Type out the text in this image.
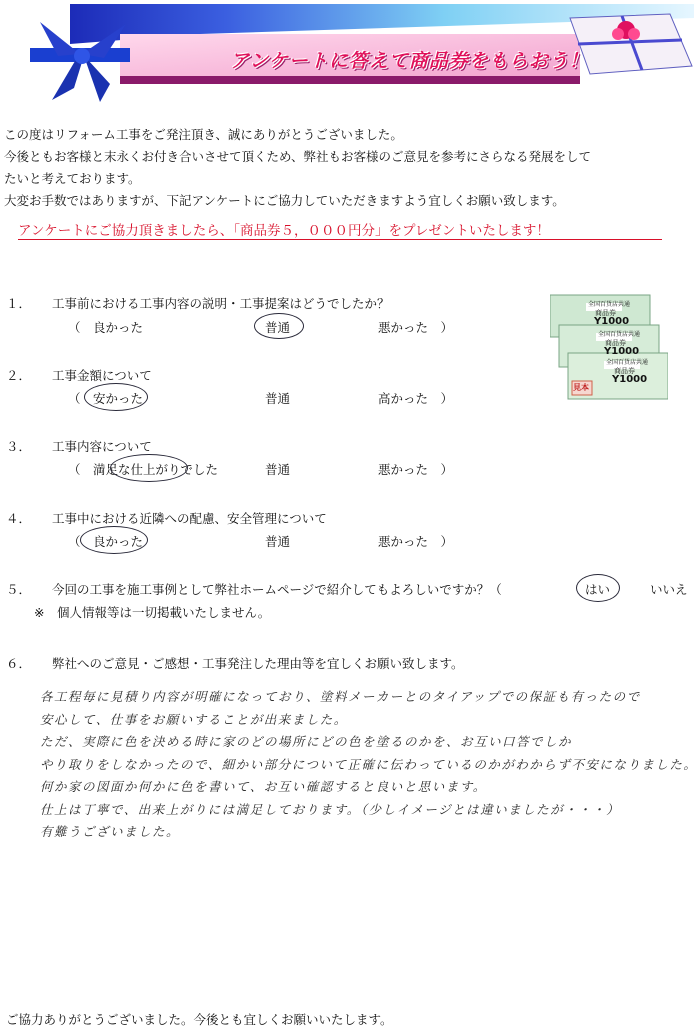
アンケートに答えて商品券をもらおう！

この度はリフォーム工事をご発注頂き、誠にありがとうございました。

今後ともお客様と末永くお付き合いさせて頂くため、弊社もお客様のご意見を参考にさらなる発展をして

たいと考えております。

大変お手数ではありますが、下記アンケートにご協力していただきますよう宜しくお願い致します。

アンケートにご協力頂きましたら、「商品券５，０００円分」をプレゼントいたします！
全国百貨店共通
商品券
Y1000
全国百貨店共通
商品券
Y1000
全国百貨店共通
商品券
Y1000
見本
１． 工事前における工事内容の説明・工事提案はどうでしたか？
（　良かった	普通	悪かった　）
２． 工事金額について
（　安かった	普通	高かった　）
３． 工事内容について
（　満足な仕上がりでした	普通	悪かった　）
４． 工事中における近隣への配慮、安全管理について
（　良かった	普通	悪かった　）
５． 今回の工事を施工事例として弊社ホームページで紹介してもよろしいですか？（	はい	いいえ
※　個人情報等は一切掲載いたしません。
６． 弊社へのご意見・ご感想・工事発注した理由等を宜しくお願い致します。

各工程毎に見積り内容が明確になっており、塗料メーカーとのタイアップでの保証も有ったので

安心して、仕事をお願いすることが出来ました。

ただ、実際に色を決める時に家のどの場所にどの色を塗るのかを、お互い口答でしか

やり取りをしなかったので、細かい部分について正確に伝わっているのかがわからず不安になりました。

何か家の図面か何かに色を書いて、お互い確認すると良いと思います。

仕上は丁寧で、出来上がりには満足しております。（少しイメージとは違いましたが・・・）

有難うございました。

ご協力ありがとうございました。今後とも宜しくお願いいたします。
